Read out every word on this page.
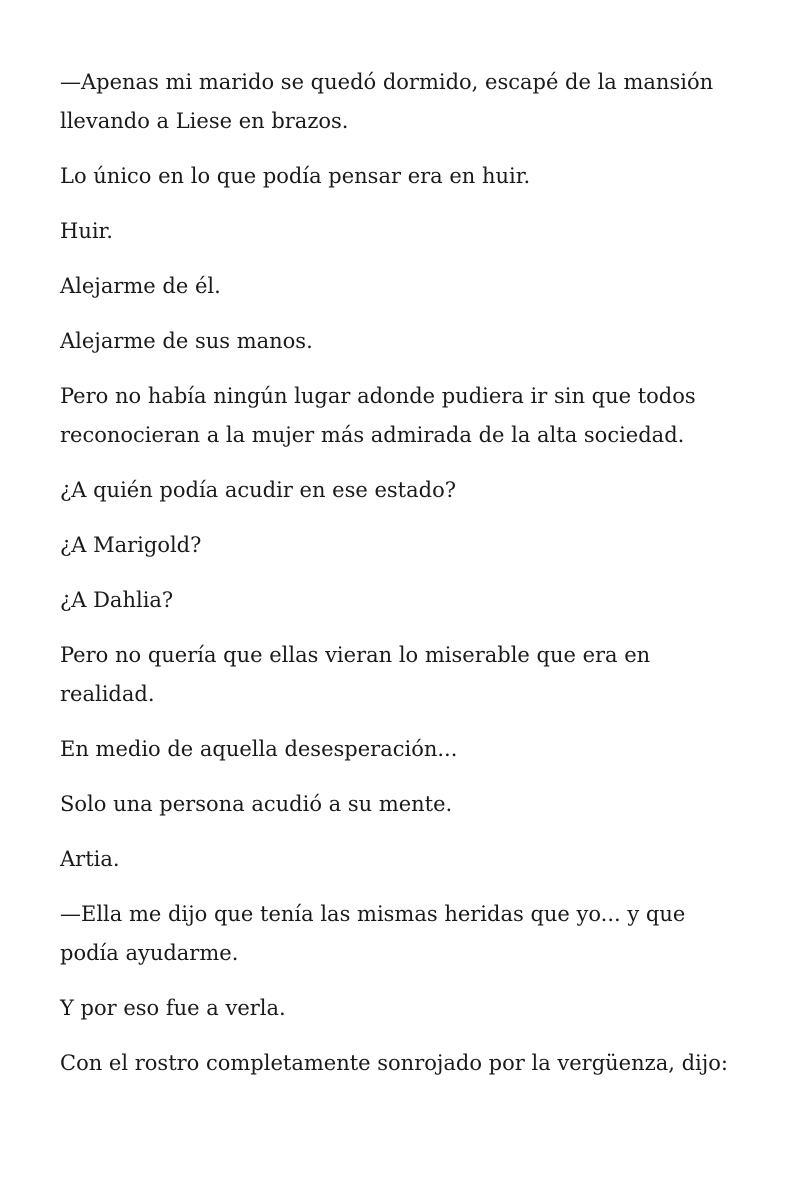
—Apenas mi marido se quedó dormido, escapé de la mansión llevando a Liese en brazos.

Lo único en lo que podía pensar era en huir.

Huir.

Alejarme de él.

Alejarme de sus manos.

Pero no había ningún lugar adonde pudiera ir sin que todos reconocieran a la mujer más admirada de la alta sociedad.

¿A quién podía acudir en ese estado?

¿A Marigold?

¿A Dahlia?

Pero no quería que ellas vieran lo miserable que era en realidad.

En medio de aquella desesperación...

Solo una persona acudió a su mente.

Artia.

—Ella me dijo que tenía las mismas heridas que yo... y que podía ayudarme.

Y por eso fue a verla.

Con el rostro completamente sonrojado por la vergüenza, dijo:
